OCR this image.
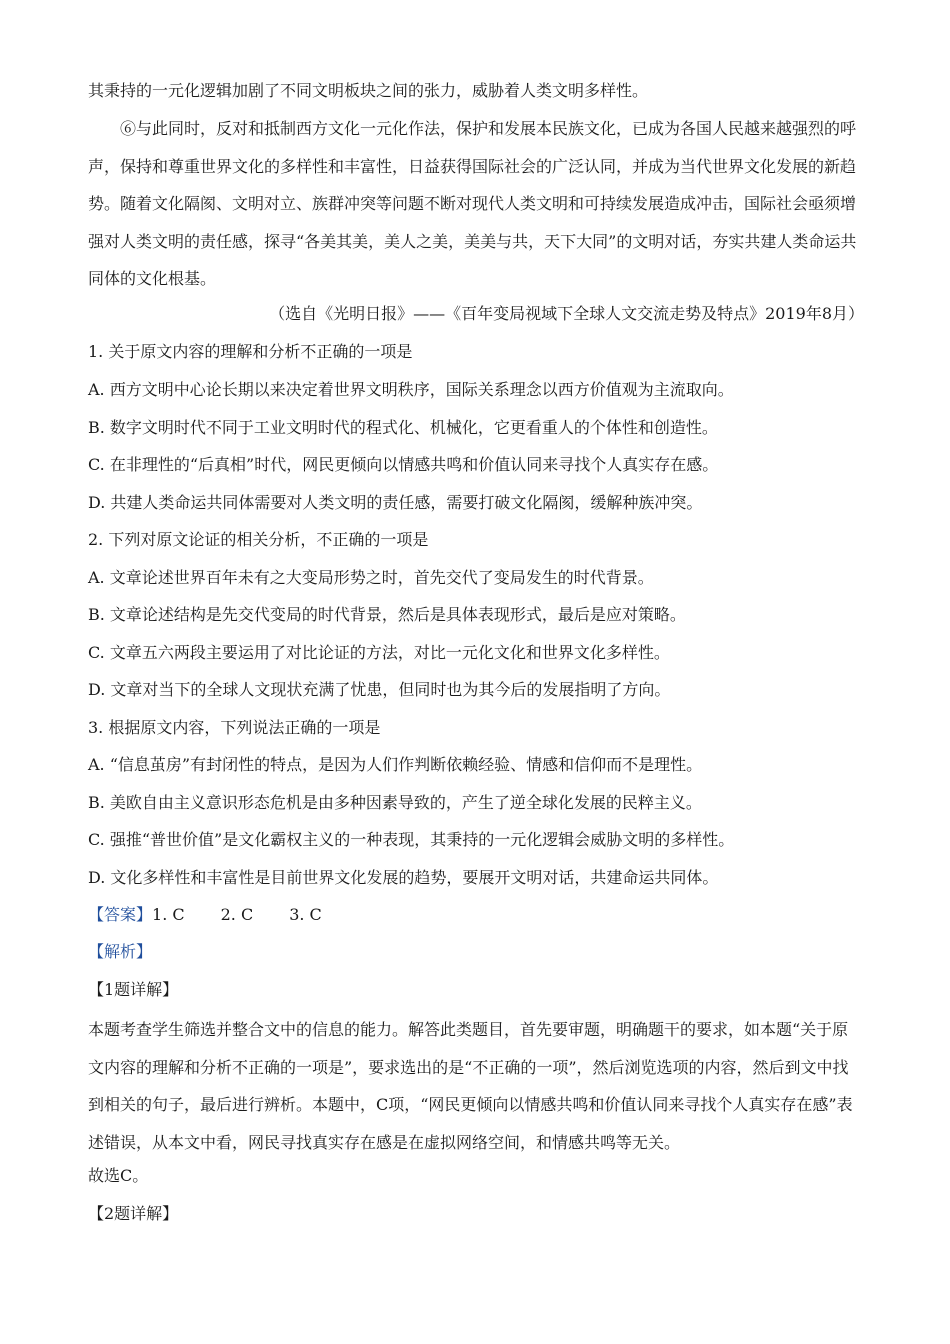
其秉持的一元化逻辑加剧了不同文明板块之间的张力，威胁着人类文明多样性。
⑥与此同时，反对和抵制西方文化一元化作法，保护和发展本民族文化，已成为各国人民越来越强烈的呼声，保持和尊重世界文化的多样性和丰富性，日益获得国际社会的广泛认同，并成为当代世界文化发展的新趋势。随着文化隔阂、文明对立、族群冲突等问题不断对现代人类文明和可持续发展造成冲击，国际社会亟须增强对人类文明的责任感，探寻“各美其美，美人之美，美美与共，天下大同”的文明对话，夯实共建人类命运共同体的文化根基。
（选自《光明日报》——《百年变局视域下全球人文交流走势及特点》2019年8月）
1. 关于原文内容的理解和分析不正确的一项是
A. 西方文明中心论长期以来决定着世界文明秩序，国际关系理念以西方价值观为主流取向。
B. 数字文明时代不同于工业文明时代的程式化、机械化，它更看重人的个体性和创造性。
C. 在非理性的“后真相”时代，网民更倾向以情感共鸣和价值认同来寻找个人真实存在感。
D. 共建人类命运共同体需要对人类文明的责任感，需要打破文化隔阂，缓解种族冲突。
2. 下列对原文论证的相关分析，不正确的一项是
A. 文章论述世界百年未有之大变局形势之时，首先交代了变局发生的时代背景。
B. 文章论述结构是先交代变局的时代背景，然后是具体表现形式，最后是应对策略。
C. 文章五六两段主要运用了对比论证的方法，对比一元化文化和世界文化多样性。
D. 文章对当下的全球人文现状充满了忧患，但同时也为其今后的发展指明了方向。
3. 根据原文内容，下列说法正确的一项是
A. “信息茧房”有封闭性的特点，是因为人们作判断依赖经验、情感和信仰而不是理性。
B. 美欧自由主义意识形态危机是由多种因素导致的，产生了逆全球化发展的民粹主义。
C. 强推“普世价值”是文化霸权主义的一种表现，其秉持的一元化逻辑会威胁文明的多样性。
D. 文化多样性和丰富性是目前世界文化发展的趋势，要展开文明对话，共建命运共同体。
【答案】1. C 2. C 3. C
【解析】
【1题详解】
本题考查学生筛选并整合文中的信息的能力。解答此类题目，首先要审题，明确题干的要求，如本题“关于原文内容的理解和分析不正确的一项是”，要求选出的是“不正确的一项”，然后浏览选项的内容，然后到文中找到相关的句子，最后进行辨析。本题中，C项，“网民更倾向以情感共鸣和价值认同来寻找个人真实存在感”表述错误，从本文中看，网民寻找真实存在感是在虚拟网络空间，和情感共鸣等无关。
故选C。
【2题详解】
